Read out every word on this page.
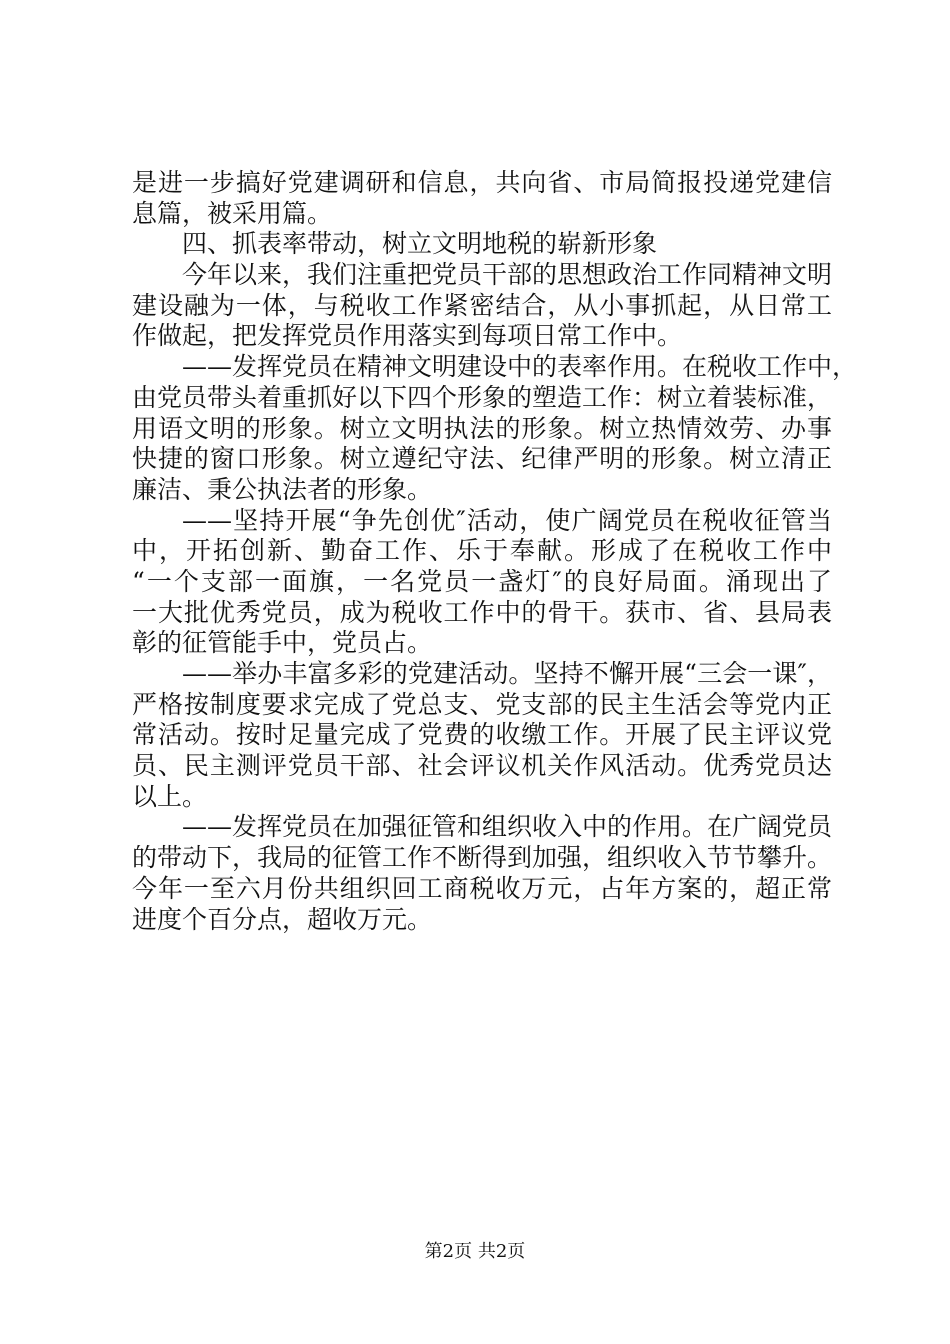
是进一步搞好党建调研和信息，共向省、市局简报投递党建信
息篇，被采用篇。
四、抓表率带动，树立文明地税的崭新形象
今年以来，我们注重把党员干部的思想政治工作同精神文明
建设融为一体，与税收工作紧密结合，从小事抓起，从日常工
作做起，把发挥党员作用落实到每项日常工作中。
——发挥党员在精神文明建设中的表率作用。在税收工作中，
由党员带头着重抓好以下四个形象的塑造工作：树立着装标准，
用语文明的形象。树立文明执法的形象。树立热情效劳、办事
快捷的窗口形象。树立遵纪守法、纪律严明的形象。树立清正
廉洁、秉公执法者的形象。
——坚持开展“争先创优″活动，使广阔党员在税收征管当
中，开拓创新、勤奋工作、乐于奉献。形成了在税收工作中
“一个支部一面旗，一名党员一盏灯″的良好局面。涌现出了
一大批优秀党员，成为税收工作中的骨干。获市、省、县局表
彰的征管能手中，党员占。
——举办丰富多彩的党建活动。坚持不懈开展“三会一课″，
严格按制度要求完成了党总支、党支部的民主生活会等党内正
常活动。按时足量完成了党费的收缴工作。开展了民主评议党
员、民主测评党员干部、社会评议机关作风活动。优秀党员达
以上。
——发挥党员在加强征管和组织收入中的作用。在广阔党员
的带动下，我局的征管工作不断得到加强，组织收入节节攀升。
今年一至六月份共组织回工商税收万元，占年方案的，超正常
进度个百分点，超收万元。
第2页 共2页
